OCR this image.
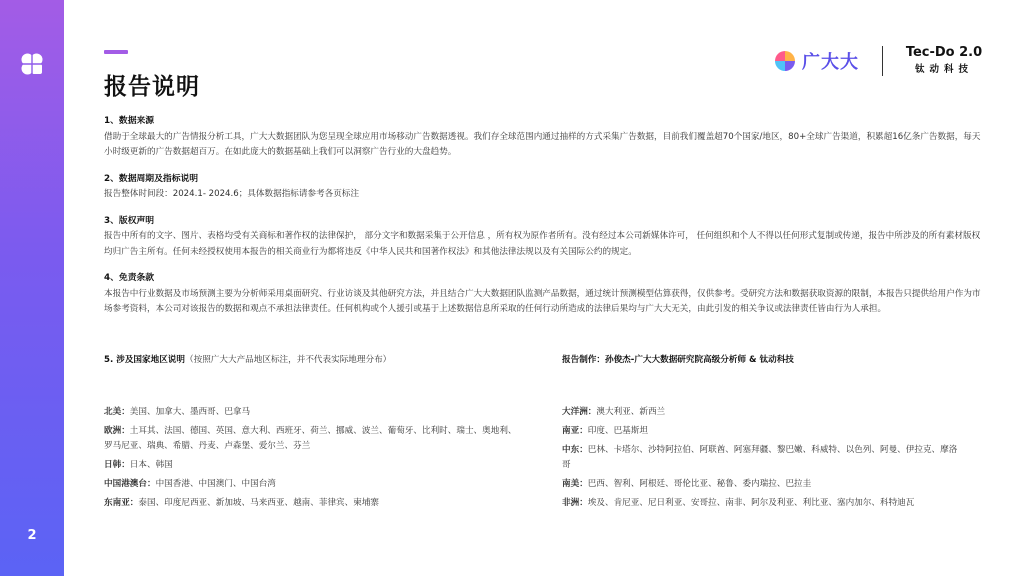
2
报告说明
广大大	Tec-Do 2.0
钛动科技
1、数据来源
借助于全球最大的广告情报分析工具，广大大数据团队为您呈现全球应用市场移动广告数据透视。我们存全球范围内通过抽样的方式采集广告数据，目前我们覆盖超70个国家/地区，80+全球广告渠道，积累超16亿条广告数据，每天小时级更新的广告数据超百万。在如此庞大的数据基础上我们可以洞察广告行业的大盘趋势。
2、数据周期及指标说明
报告整体时间段：2024.1- 2024.6；具体数据指标请参考各页标注
3、版权声明
报告中所有的文字、图片、表格均受有关商标和著作权的法律保护， 部分文字和数据采集于公开信息 ，所有权为原作者所有。没有经过本公司新媒体许可， 任何组织和个人不得以任何形式复制或传递，报告中所涉及的所有素材版权均归广告主所有。任何未经授权使用本报告的相关商业行为都将违反《中华人民共和国著作权法》和其他法律法规以及有关国际公约的规定。
4、免责条款
本报告中行业数据及市场预测主要为分析师采用桌面研究、行业访谈及其他研究方法，并且结合广大大数据团队监测产品数据，通过统计预测模型估算获得，仅供参考。受研究方法和数据获取资源的限制，本报告只提供给用户作为市场参考资料，本公司对该报告的数据和观点不承担法律责任。任何机构或个人援引或基于上述数据信息所采取的任何行动所造成的法律后果均与广大大无关，由此引发的相关争议或法律责任皆由行为人承担。
5. 涉及国家地区说明（按照广大大产品地区标注，并不代表实际地理分布）
北美：美国、加拿大、墨西哥、巴拿马
欧洲：土耳其、法国、德国、英国、意大利、西班牙、荷兰、挪威、波兰、葡萄牙、比利时、瑞士、奥地利、罗马尼亚、瑞典、希腊、丹麦、卢森堡、爱尔兰、芬兰
日韩：日本、韩国
中国港澳台：中国香港、中国澳门、中国台湾
东南亚：泰国、印度尼西亚、新加坡、马来西亚、越南、菲律宾、柬埔寨
报告制作：孙俊杰-广大大数据研究院高级分析师 & 钛动科技
大洋洲：澳大利亚、新西兰
南亚：印度、巴基斯坦
中东：巴林、卡塔尔、沙特阿拉伯、阿联酋、阿塞拜疆、黎巴嫩、科威特、以色列、阿曼、伊拉克、摩洛哥
南美：巴西、智利、阿根廷、哥伦比亚、秘鲁、委内瑞拉、巴拉圭
非洲：埃及、肯尼亚、尼日利亚、安哥拉、南非、阿尔及利亚、利比亚、塞内加尔、科特迪瓦
